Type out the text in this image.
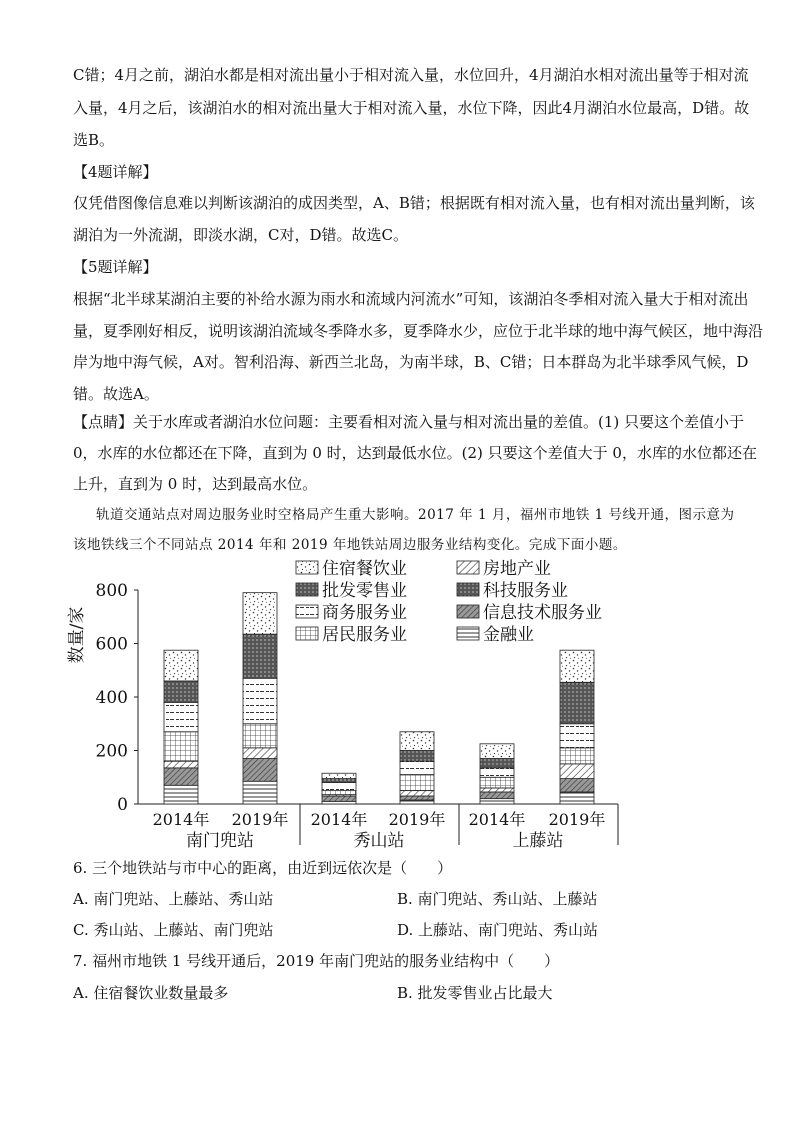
C错；4月之前，湖泊水都是相对流出量小于相对流入量，水位回升，4月湖泊水相对流出量等于相对流
入量，4月之后，该湖泊水的相对流出量大于相对流入量，水位下降，因此4月湖泊水位最高，D错。故
选B。
【4题详解】
仅凭借图像信息难以判断该湖泊的成因类型，A、B错；根据既有相对流入量，也有相对流出量判断，该
湖泊为一外流湖，即淡水湖，C对，D错。故选C。
【5题详解】
根据“北半球某湖泊主要的补给水源为雨水和流域内河流水”可知，该湖泊冬季相对流入量大于相对流出
量，夏季刚好相反，说明该湖泊流域冬季降水多，夏季降水少，应位于北半球的地中海气候区，地中海沿
岸为地中海气候，A对。智利沿海、新西兰北岛，为南半球，B、C错；日本群岛为北半球季风气候，D
错。故选A。
【点睛】关于水库或者湖泊水位问题：主要看相对流入量与相对流出量的差值。(1) 只要这个差值小于
0，水库的水位都还在下降，直到为 0 时，达到最低水位。(2) 只要这个差值大于 0，水库的水位都还在
上升，直到为 0 时，达到最高水位。
轨道交通站点对周边服务业时空格局产生重大影响。2017 年 1 月，福州市地铁 1 号线开通，图示意为
该地铁线三个不同站点 2014 年和 2019 年地铁站周边服务业结构变化。完成下面小题。
0
200
400
600
800
2014年 2019年 2014年 2019年 2014年 2019年
南门兜站	秀山站	上藤站
住宿餐饮业	房地产业
批发零售业	科技服务业
商务服务业	信息技术服务业
居民服务业	金融业
数量/家
6. 三个地铁站与市中心的距离，由近到远依次是（　　）
A. 南门兜站、上藤站、秀山站	B. 南门兜站、秀山站、上藤站
C. 秀山站、上藤站、南门兜站	D. 上藤站、南门兜站、秀山站
7. 福州市地铁 1 号线开通后，2019 年南门兜站的服务业结构中（　　）
A. 住宿餐饮业数量最多	B. 批发零售业占比最大
